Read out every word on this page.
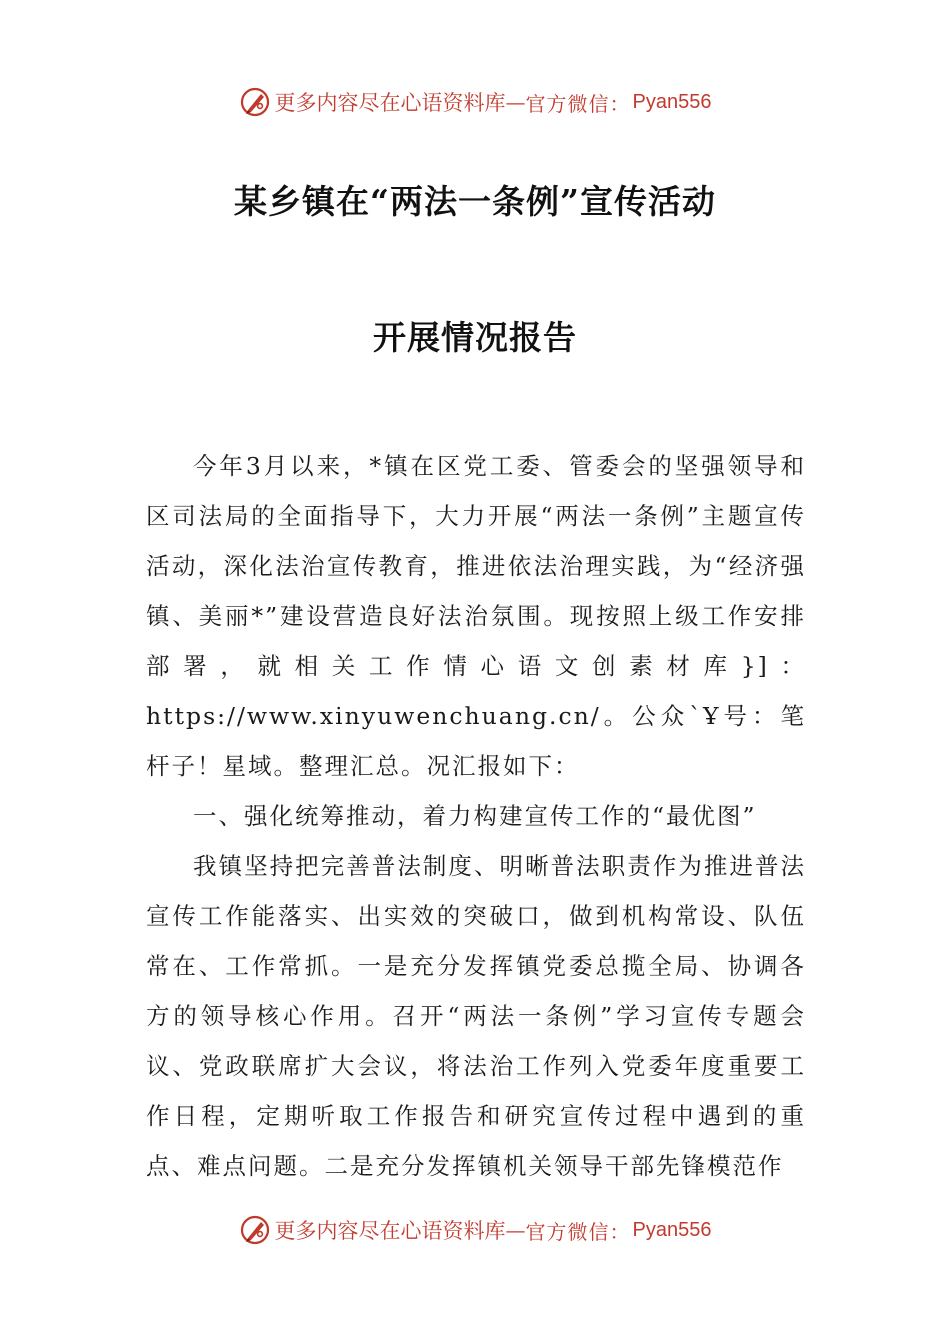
更多内容尽在心语资料库 — 官方微信： Pyan556
某乡镇在“两法一条例”宣传活动
开展情况报告

今年3月以来，*镇在区党工委、管委会的坚强领导和区司法局的全面指导下，大力开展“两法一条例”主题宣传活动，深化法治宣传教育，推进依法治理实践，为“经济强镇、美丽*”建设营造良好法治氛围。现按照上级工作安排部署，就相关工作情心语文创素材库}]：https://www.xinyuwenchuang.cn/。公众`Ұ号：笔杆子！星域。整理汇总。况汇报如下：

一、强化统筹推动，着力构建宣传工作的“最优图”

我镇坚持把完善普法制度、明晰普法职责作为推进普法宣传工作能落实、出实效的突破口，做到机构常设、队伍常在、工作常抓。一是充分发挥镇党委总揽全局、协调各方的领导核心作用。召开“两法一条例”学习宣传专题会议、党政联席扩大会议，将法治工作列入党委年度重要工作日程，定期听取工作报告和研究宣传过程中遇到的重点、难点问题。二是充分发挥镇机关领导干部先锋模范作

更多内容尽在心语资料库 — 官方微信： Pyan556
